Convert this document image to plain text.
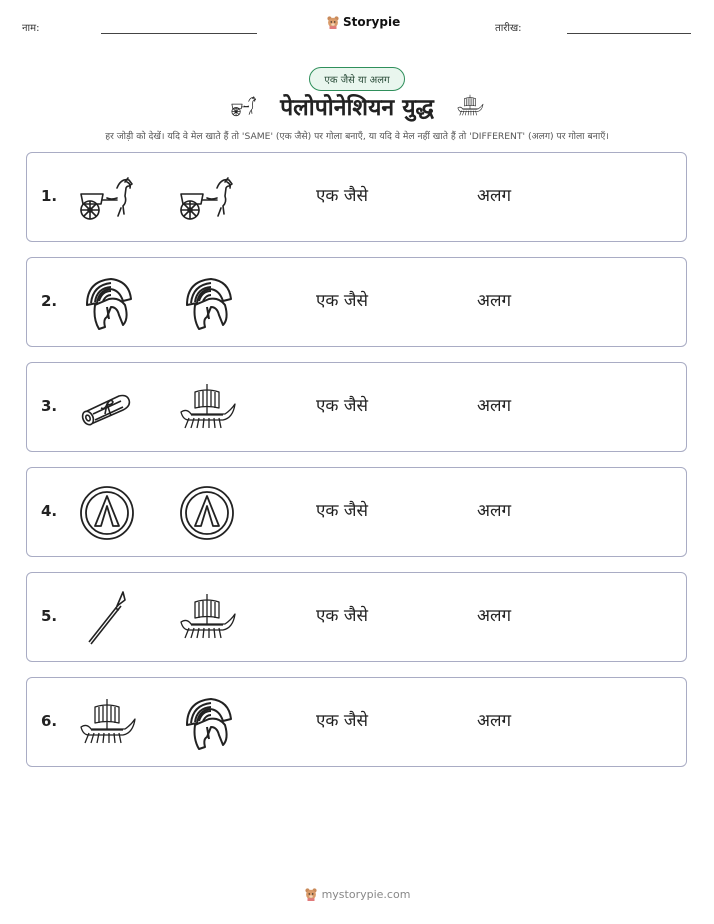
नाम:	Storypie	तारीख:
एक जैसे या अलग
पेलोपोनेशियन युद्ध
हर जोड़ी को देखें। यदि वे मेल खाते हैं तो 'SAME' (एक जैसे) पर गोला बनाएँ, या यदि वे मेल नहीं खाते हैं तो 'DIFFERENT' (अलग) पर गोला बनाएँ।
1.	एक जैसे	अलग
2.	एक जैसे	अलग
3.	एक जैसे	अलग
4.	एक जैसे	अलग
5.	एक जैसे	अलग
6.	एक जैसे	अलग
mystorypie.com
